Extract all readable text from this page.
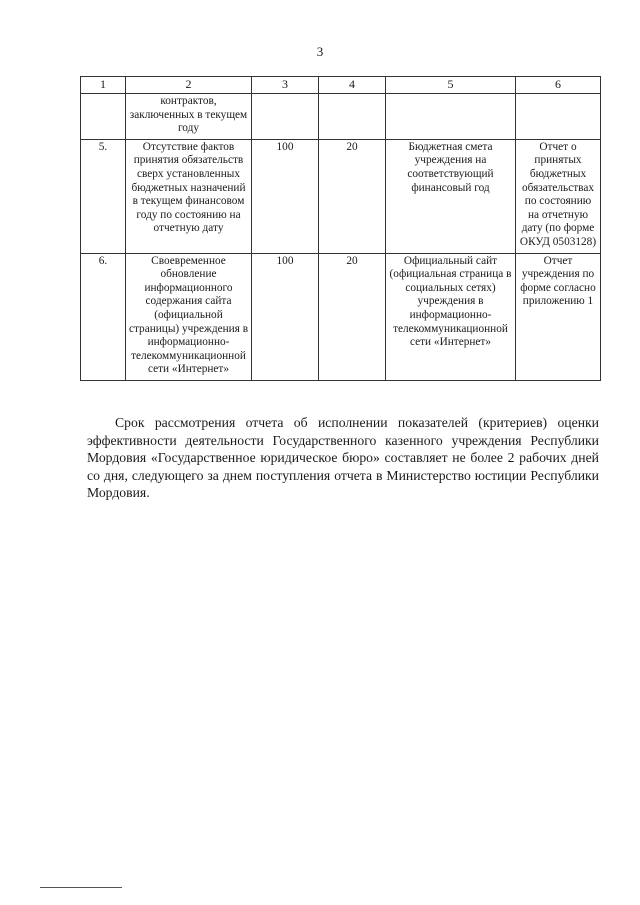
3
1	2	3	4	5	6
	контрактов, заключенных в текущем году				
5.	Отсутствие фактов принятия обязательств сверх установленных бюджетных назначений в текущем финансовом году по состоянию на отчетную дату	100	20	Бюджетная смета учреждения на соответствующий финансовый год	Отчет о принятых бюджетных обязательствах по состоянию на отчетную дату (по форме ОКУД 0503128)
6.	Своевременное обновление информационного содержания сайта (официальной страницы) учреждения в информационно-телекоммуникационной сети «Интернет»	100	20	Официальный сайт (официальная страница в социальных сетях) учреждения в информационно-телекоммуникационной сети «Интернет»	Отчет учреждения по форме согласно приложению 1

Срок рассмотрения отчета об исполнении показателей (критериев) оценки эффективности деятельности Государственного казенного учреждения Республики Мордовия «Государственное юридическое бюро» составляет не более 2 рабочих дней со дня, следующего за днем поступления отчета в Министерство юстиции Республики Мордовия.
